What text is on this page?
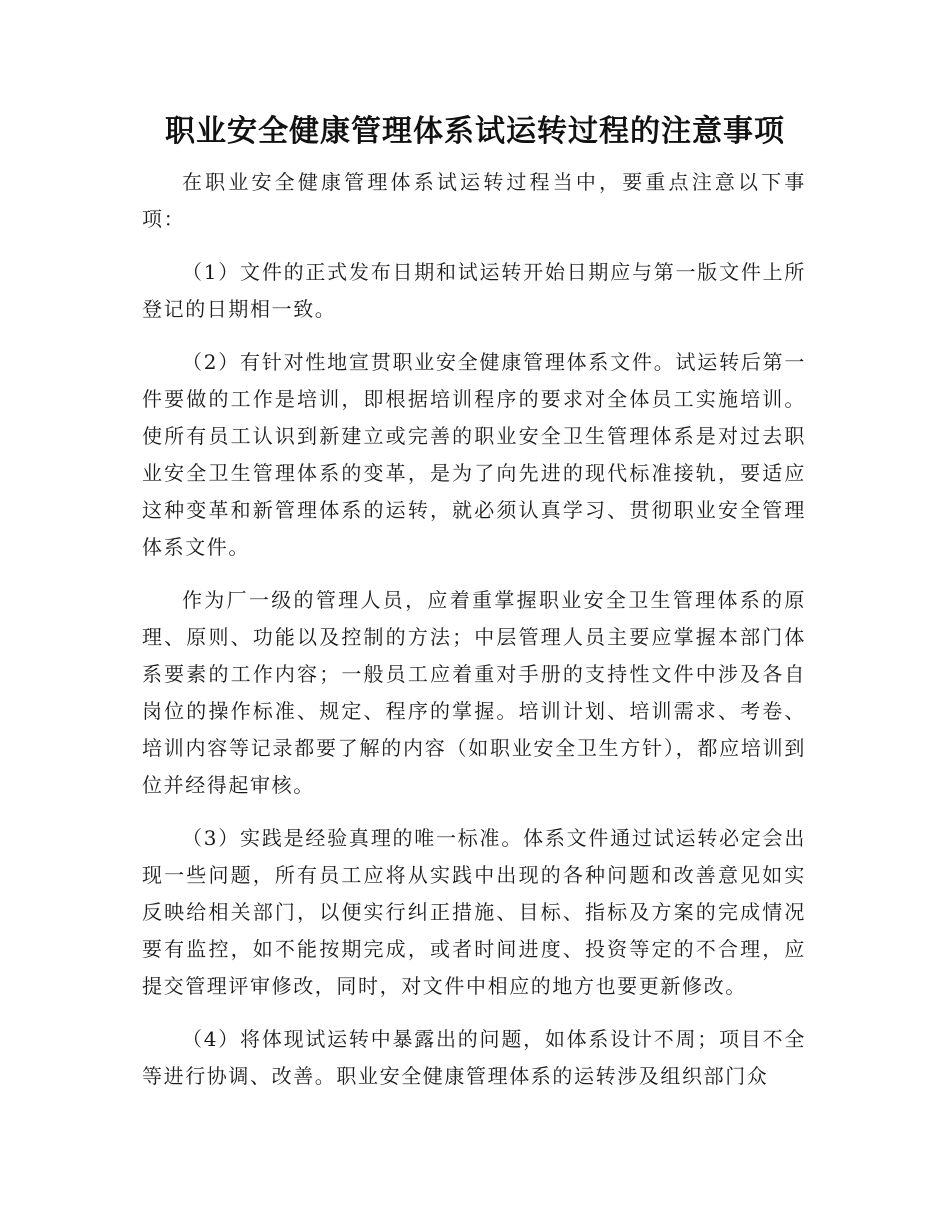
职业安全健康管理体系试运转过程的注意事项

在职业安全健康管理体系试运转过程当中，要重点注意以下事项：

（1）文件的正式发布日期和试运转开始日期应与第一版文件上所登记的日期相一致。

（2）有针对性地宣贯职业安全健康管理体系文件。试运转后第一件要做的工作是培训，即根据培训程序的要求对全体员工实施培训。使所有员工认识到新建立或完善的职业安全卫生管理体系是对过去职业安全卫生管理体系的变革，是为了向先进的现代标准接轨，要适应这种变革和新管理体系的运转，就必须认真学习、贯彻职业安全管理体系文件。

作为厂一级的管理人员，应着重掌握职业安全卫生管理体系的原理、原则、功能以及控制的方法；中层管理人员主要应掌握本部门体系要素的工作内容；一般员工应着重对手册的支持性文件中涉及各自岗位的操作标准、规定、程序的掌握。培训计划、培训需求、考卷、培训内容等记录都要了解的内容（如职业安全卫生方针），都应培训到位并经得起审核。

（3）实践是经验真理的唯一标准。体系文件通过试运转必定会出现一些问题，所有员工应将从实践中出现的各种问题和改善意见如实反映给相关部门，以便实行纠正措施、目标、指标及方案的完成情况要有监控，如不能按期完成，或者时间进度、投资等定的不合理，应提交管理评审修改，同时，对文件中相应的地方也要更新修改。

（4）将体现试运转中暴露出的问题，如体系设计不周；项目不全等进行协调、改善。职业安全健康管理体系的运转涉及组织部门众
